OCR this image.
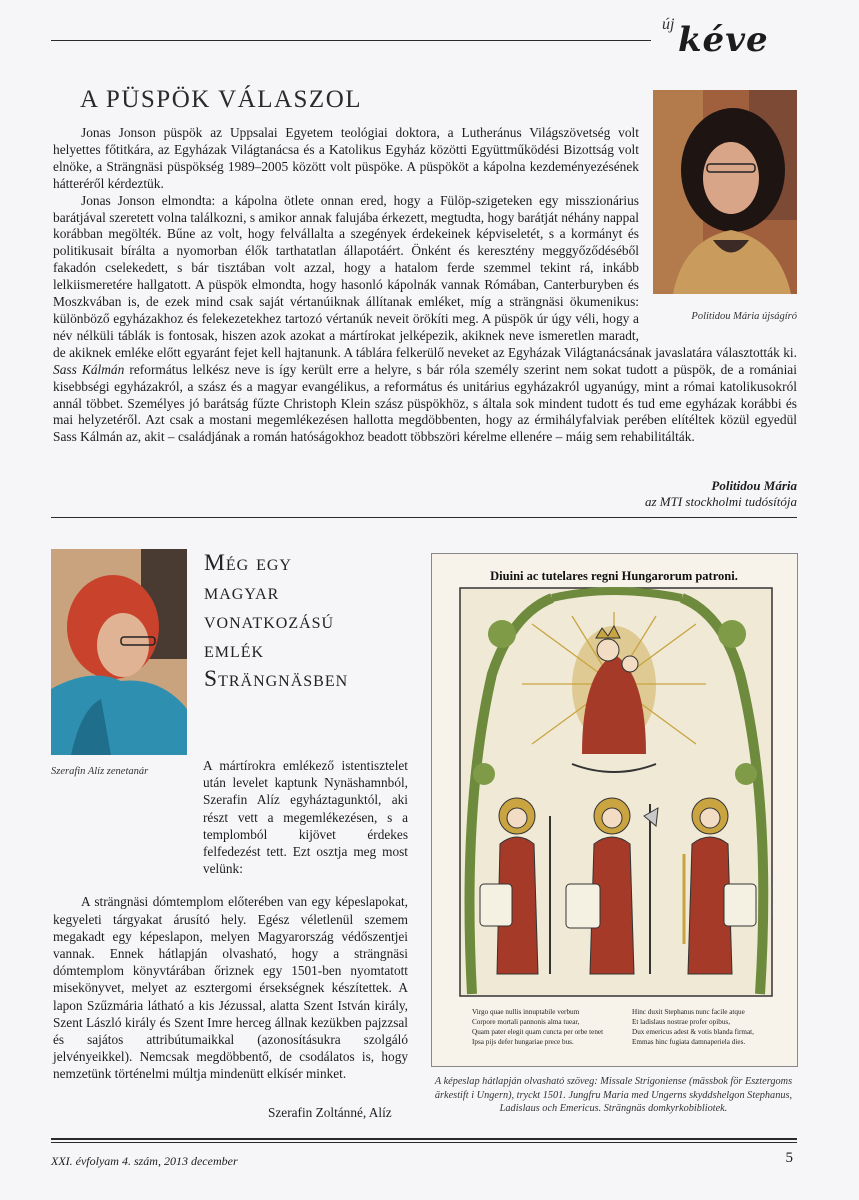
új kéve
A PÜSPÖK VÁLASZOL
Politidou Mária újságíró

Jonas Jonson püspök az Uppsalai Egyetem teológiai doktora, a Lutheránus Világszövetség volt helyettes főtitkára, az Egyházak Világtanácsa és a Katolikus Egyház közötti Együttműködési Bizottság volt elnöke, a Strängnäsi püspökség 1989–2005 között volt püspöke. A püspököt a kápolna kezdeményezésének hátteréről kérdeztük.

Jonas Jonson elmondta: a kápolna ötlete onnan ered, hogy a Fülöp-szigeteken egy misszionárius barátjával szeretett volna találkozni, s amikor annak falujába érkezett, megtudta, hogy barátját néhány nappal korábban megölték. Bűne az volt, hogy felvállalta a szegények érdekeinek képviseletét, s a kormányt és politikusait bírálta a nyomorban élők tarthatatlan állapotáért. Önként és keresztény meggyőződéséből fakadón cselekedett, s bár tisztában volt azzal, hogy a hatalom ferde szemmel tekint rá, inkább lelkiismeretére hallgatott. A püspök elmondta, hogy hasonló kápolnák vannak Rómában, Canterburyben és Moszkvában is, de ezek mind csak saját vértanúiknak állítanak emléket, míg a strängnäsi ökumenikus: különböző egyházakhoz és felekezetekhez tartozó vértanúk neveit örökíti meg. A püspök úr úgy véli, hogy a név nélküli táblák is fontosak, hiszen azok azokat a mártírokat jelképezik, akiknek neve ismeretlen maradt, de akiknek emléke előtt egyaránt fejet kell hajtanunk. A táblára felkerülő neveket az Egyházak Világtanácsának javaslatára választották ki. Sass Kálmán református lelkész neve is így került erre a helyre, s bár róla személy szerint nem sokat tudott a püspök, de a romániai kisebbségi egyházakról, a szász és a magyar evangélikus, a református és unitárius egyházakról ugyanúgy, mint a római katolikusokról annál többet. Személyes jó barátság fűzte Christoph Klein szász püspökhöz, s általa sok mindent tudott és tud eme egyházak korábbi és mai helyzetéről. Azt csak a mostani megemlékezésen hallotta megdöbbenten, hogy az érmihályfalviak perében elítéltek közül egyedül Sass Kálmán az, akit – családjának a román hatóságokhoz beadott többszöri kérelme ellenére – máig sem rehabilitálták.

Politidou Mária
az MTI stockholmi tudósítója
Szerafin Alíz zenetanár
Még egy
magyar
vonatkozású
emlék
Strängnäsben

A mártírokra emlékező istentisztelet után levelet kaptunk Nynäshamnból, Szerafin Alíz egyháztagunktól, aki részt vett a megemlékezésen, s a templomból kijövet érdekes felfedezést tett. Ezt osztja meg most velünk:

A strängnäsi dómtemplom előterében van egy képeslapokat, kegyeleti tárgyakat árusító hely. Egész véletlenül szemem megakadt egy képeslapon, melyen Magyarország védőszentjei vannak. Ennek hátlapján olvasható, hogy a strängnäsi dómtemplom könyvtárában őriznek egy 1501-ben nyomtatott misekönyvet, melyet az esztergomi érsekségnek készítettek. A lapon Szűzmária látható a kis Jézussal, alatta Szent István király, Szent László király és Szent Imre herceg állnak kezükben pajzzsal és sajátos attribútumaikkal (azonosításukra szolgáló jelvényeikkel). Nemcsak megdöbbentő, de csodálatos is, hogy nemzetünk történelmi múltja mindenütt elkísér minket.

Szerafin Zoltánné, Alíz
Diuini ac tutelares regni Hungarorum patroni.
Virgo quae nullis innuptabile verbum
Corpore mortali pannonis alma tuear,
Quam pater elegit quam cuncta per orbe tenet
Ipsa pijs defer hungariae prece bus.
Hinc duxit Stephanus nunc facile atque
Et ladislaus nostrae profer opibus,
Dux emericus adest & votis blanda firmat,
Emmas hinc fugiata damnaperiela dies.
A képeslap hátlapján olvasható szöveg: Missale Strigoniense (mässbok för Esztergoms ärkestift i Ungern), tryckt 1501. Jungfru Maria med Ungerns skyddshelgon Stephanus, Ladislaus och Emericus. Strängnäs domkyrkobibliotek.
XXI. évfolyam 4. szám, 2013 december	5
